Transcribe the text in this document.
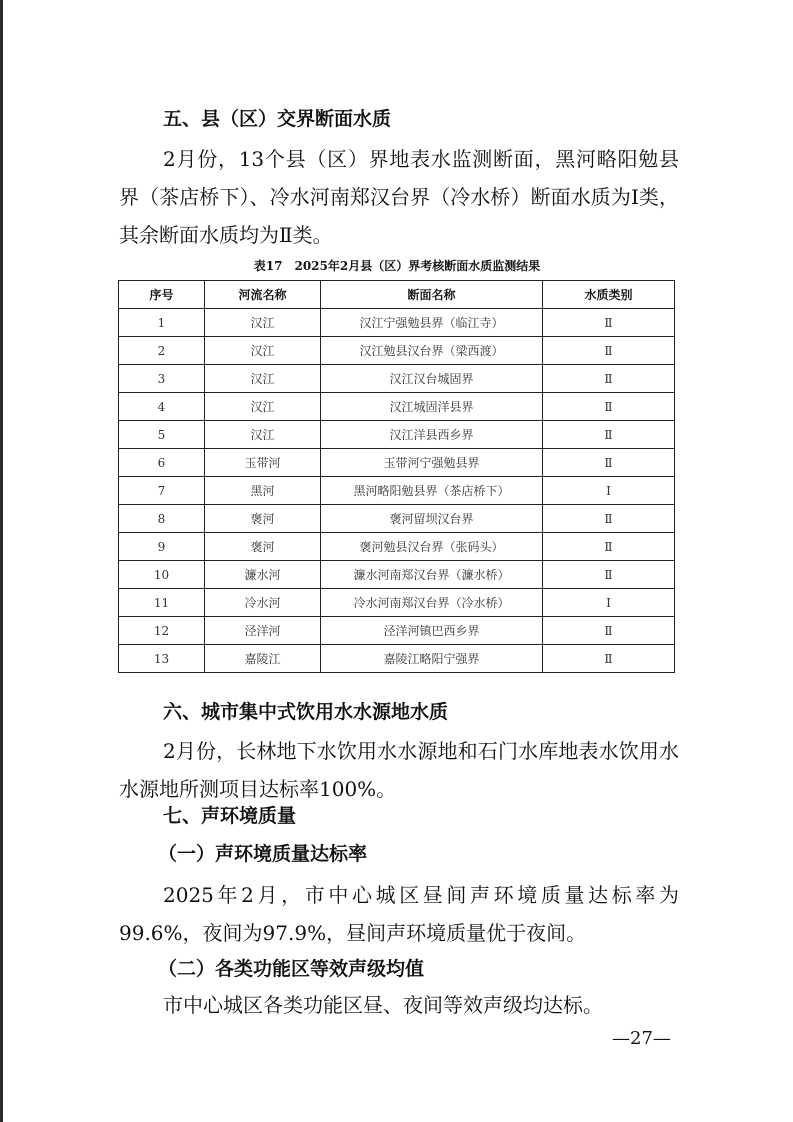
五、县（区）交界断面水质

2月份，13个县（区）界地表水监测断面，黑河略阳勉县界（茶店桥下）、冷水河南郑汉台界（冷水桥）断面水质为Ⅰ类，其余断面水质均为Ⅱ类。

表17　2025年2月县（区）界考核断面水质监测结果
序号	河流名称	断面名称	水质类别
1	汉江	汉江宁强勉县界（临江寺）	Ⅱ
2	汉江	汉江勉县汉台界（梁西渡）	Ⅱ
3	汉江	汉江汉台城固界	Ⅱ
4	汉江	汉江城固洋县界	Ⅱ
5	汉江	汉江洋县西乡界	Ⅱ
6	玉带河	玉带河宁强勉县界	Ⅱ
7	黑河	黑河略阳勉县界（茶店桥下）	Ⅰ
8	褒河	褒河留坝汉台界	Ⅱ
9	褒河	褒河勉县汉台界（张码头）	Ⅱ
10	濂水河	濂水河南郑汉台界（濂水桥）	Ⅱ
11	冷水河	冷水河南郑汉台界（冷水桥）	Ⅰ
12	泾洋河	泾洋河镇巴西乡界	Ⅱ
13	嘉陵江	嘉陵江略阳宁强界	Ⅱ
六、城市集中式饮用水水源地水质

2月份，长林地下水饮用水水源地和石门水库地表水饮用水水源地所测项目达标率100%。

七、声环境质量
（一）声环境质量达标率

2025年2月，市中心城区昼间声环境质量达标率为99.6%，夜间为97.9%，昼间声环境质量优于夜间。

（二）各类功能区等效声级均值

市中心城区各类功能区昼、夜间等效声级均达标。

—27—
